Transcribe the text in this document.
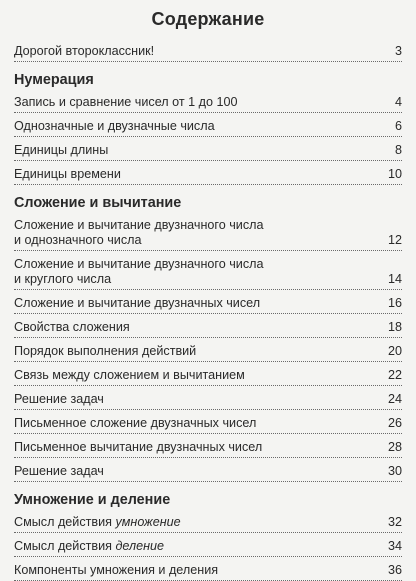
Содержание
Дорогой второклассник!	3
Нумерация
Запись и сравнение чисел от 1 до 100	4
Однозначные и двузначные числа	6
Единицы длины	8
Единицы времени	10
Сложение и вычитание
Сложение и вычитание двузначного числа
и однозначного числа	12
Сложение и вычитание двузначного числа
и круглого числа	14
Сложение и вычитание двузначных чисел	16
Свойства сложения	18
Порядок выполнения действий	20
Связь между сложением и вычитанием	22
Решение задач	24
Письменное сложение двузначных чисел	26
Письменное вычитание двузначных чисел	28
Решение задач	30
Умножение и деление
Смысл действия умножение	32
Смысл действия деление	34
Компоненты умножения и деления	36
